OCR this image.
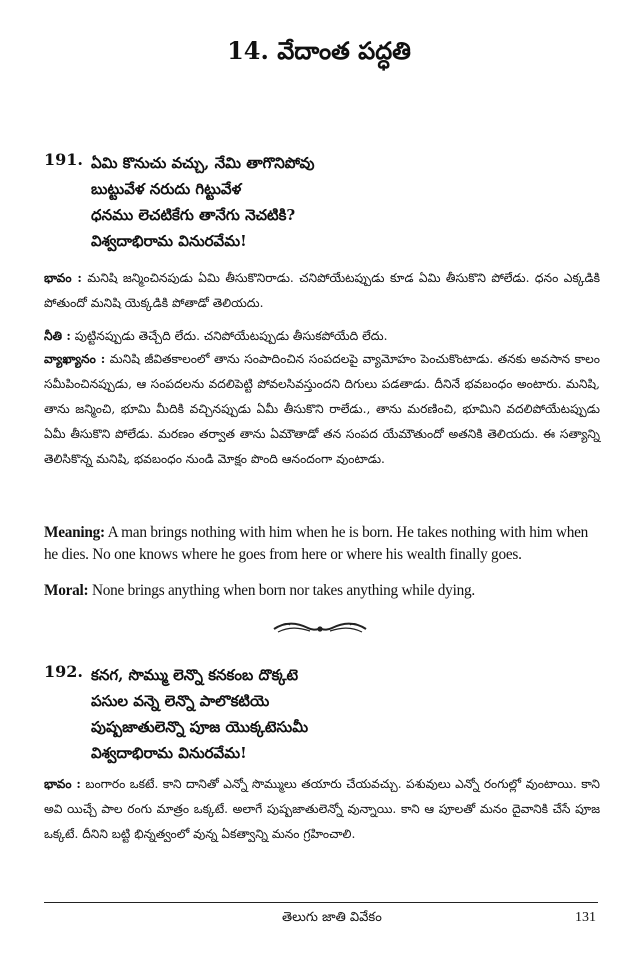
14. వేదాంత పద్ధతి
191. ఏమి కొనుచు వచ్చు, నేమి తాగొనిపోవు
బుట్టువేళ నరుదు గిట్టువేళ
ధనము లెచటికేగు తానేగు నెచటికి?
విశ్వదాభిరామ వినురవేమ!
భావం : మనిషి జన్మించినపుడు ఏమి తీసుకొనిరాడు. చనిపోయేటప్పుడు కూడ ఏమి తీసుకొని పోలేడు. ధనం ఎక్కడికి పోతుందో మనిషి యెక్కడికి పోతాడో తెలియదు.
నీతి : పుట్టినప్పుడు తెచ్చేది లేదు. చనిపోయేటప్పుడు తీసుకపోయేది లేదు.
వ్యాఖ్యానం : మనిషి జీవితకాలంలో తాను సంపాదించిన సంపదలపై వ్యామోహం పెంచుకొంటాడు. తనకు అవసాన కాలం సమీపించినప్పుడు, ఆ సంపదలను వదలిపెట్టి పోవలసివస్తుందని దిగులు పడతాడు. దీనినే భవబంధం అంటారు. మనిషి, తాను జన్మించి, భూమి మీదికి వచ్చినప్పుడు ఏమీ తీసుకొని రాలేడు., తాను మరణించి, భూమిని వదలిపోయేటప్పుడు ఏమీ తీసుకొని పోలేడు. మరణం తర్వాత తాను ఏమౌతాడో తన సంపద యేమౌతుందో అతనికి తెలియదు. ఈ సత్యాన్ని తెలిసికొన్న మనిషి, భవబంధం నుండి మోక్షం పొంది ఆనందంగా వుంటాడు.
Meaning: A man brings nothing with him when he is born. He takes nothing with him when he dies. No one knows where he goes from here or where his wealth finally goes.
Moral: None brings anything when born nor takes anything while dying.
192. కనగ, సొమ్ము లెన్నొ కనకంబ దొక్కటె
పసుల వన్నె లెన్నొ పాలొకటియె
పుష్పజాతులెన్నొ పూజ యొక్కటెసుమీ
విశ్వదాభిరామ వినురవేమ!
భావం : బంగారం ఒకటే. కాని దానితో ఎన్నో సొమ్ములు తయారు చేయవచ్చు. పశువులు ఎన్నో రంగుల్లో వుంటాయి. కాని అవి యిచ్చే పాల రంగు మాత్రం ఒక్కటే. అలాగే పుష్పజాతులెన్నో వున్నాయి. కాని ఆ పూలతో మనం దైవానికి చేసే పూజ ఒక్కటే. దీనిని బట్టి భిన్నత్వంలో వున్న ఏకత్వాన్ని మనం గ్రహించాలి.
తెలుగు జాతి వివేకం	131
